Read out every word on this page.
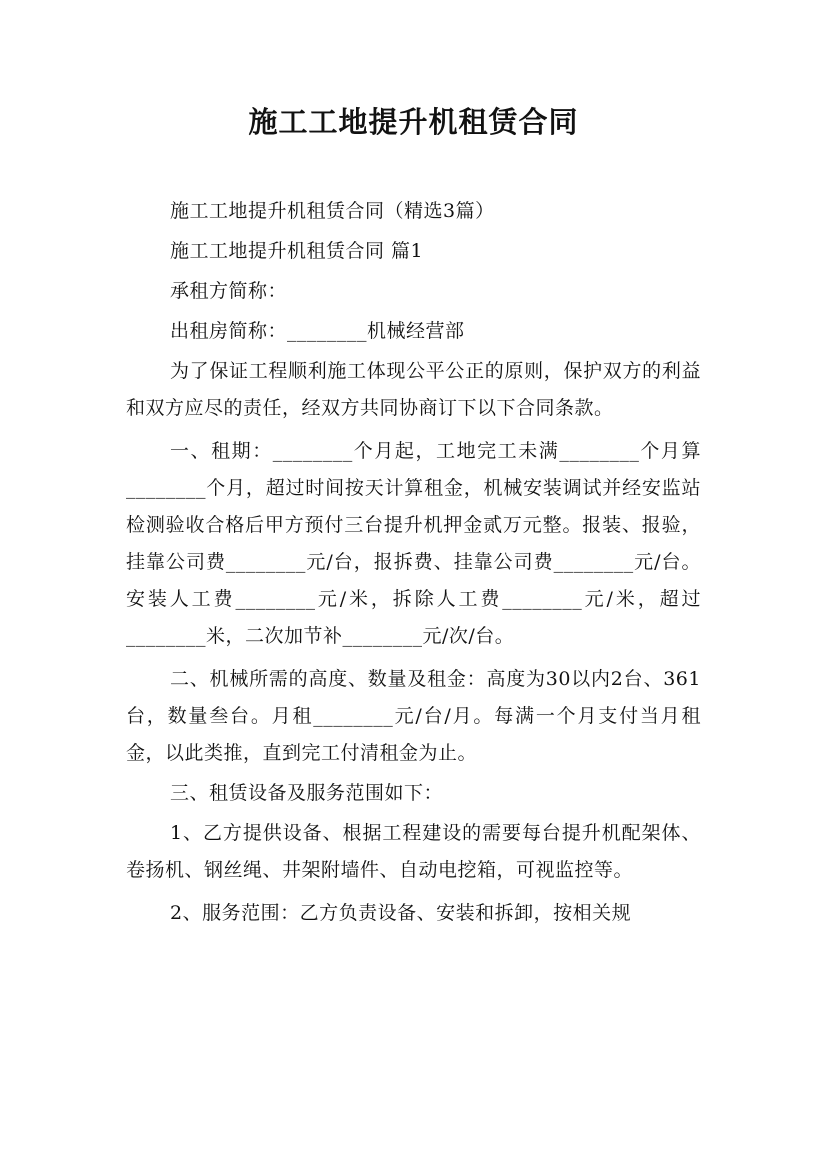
施工工地提升机租赁合同

施工工地提升机租赁合同（精选3篇）

施工工地提升机租赁合同 篇1

承租方简称：

出租房简称：________机械经营部

为了保证工程顺利施工体现公平公正的原则，保护双方的利益和双方应尽的责任，经双方共同协商订下以下合同条款。

一、租期：________个月起，工地完工未满________个月算________个月，超过时间按天计算租金，机械安装调试并经安监站检测验收合格后甲方预付三台提升机押金贰万元整。报装、报验，挂靠公司费________元/台，报拆费、挂靠公司费________元/台。安装人工费________元/米，拆除人工费________元/米，超过________米，二次加节补________元/次/台。

二、机械所需的高度、数量及租金：高度为30以内2台、361台，数量叁台。月租________元/台/月。每满一个月支付当月租金，以此类推，直到完工付清租金为止。

三、租赁设备及服务范围如下：

1、乙方提供设备、根据工程建设的需要每台提升机配架体、卷扬机、钢丝绳、井架附墙件、自动电挖箱，可视监控等。

2、服务范围：乙方负责设备、安装和拆卸，按相关规
